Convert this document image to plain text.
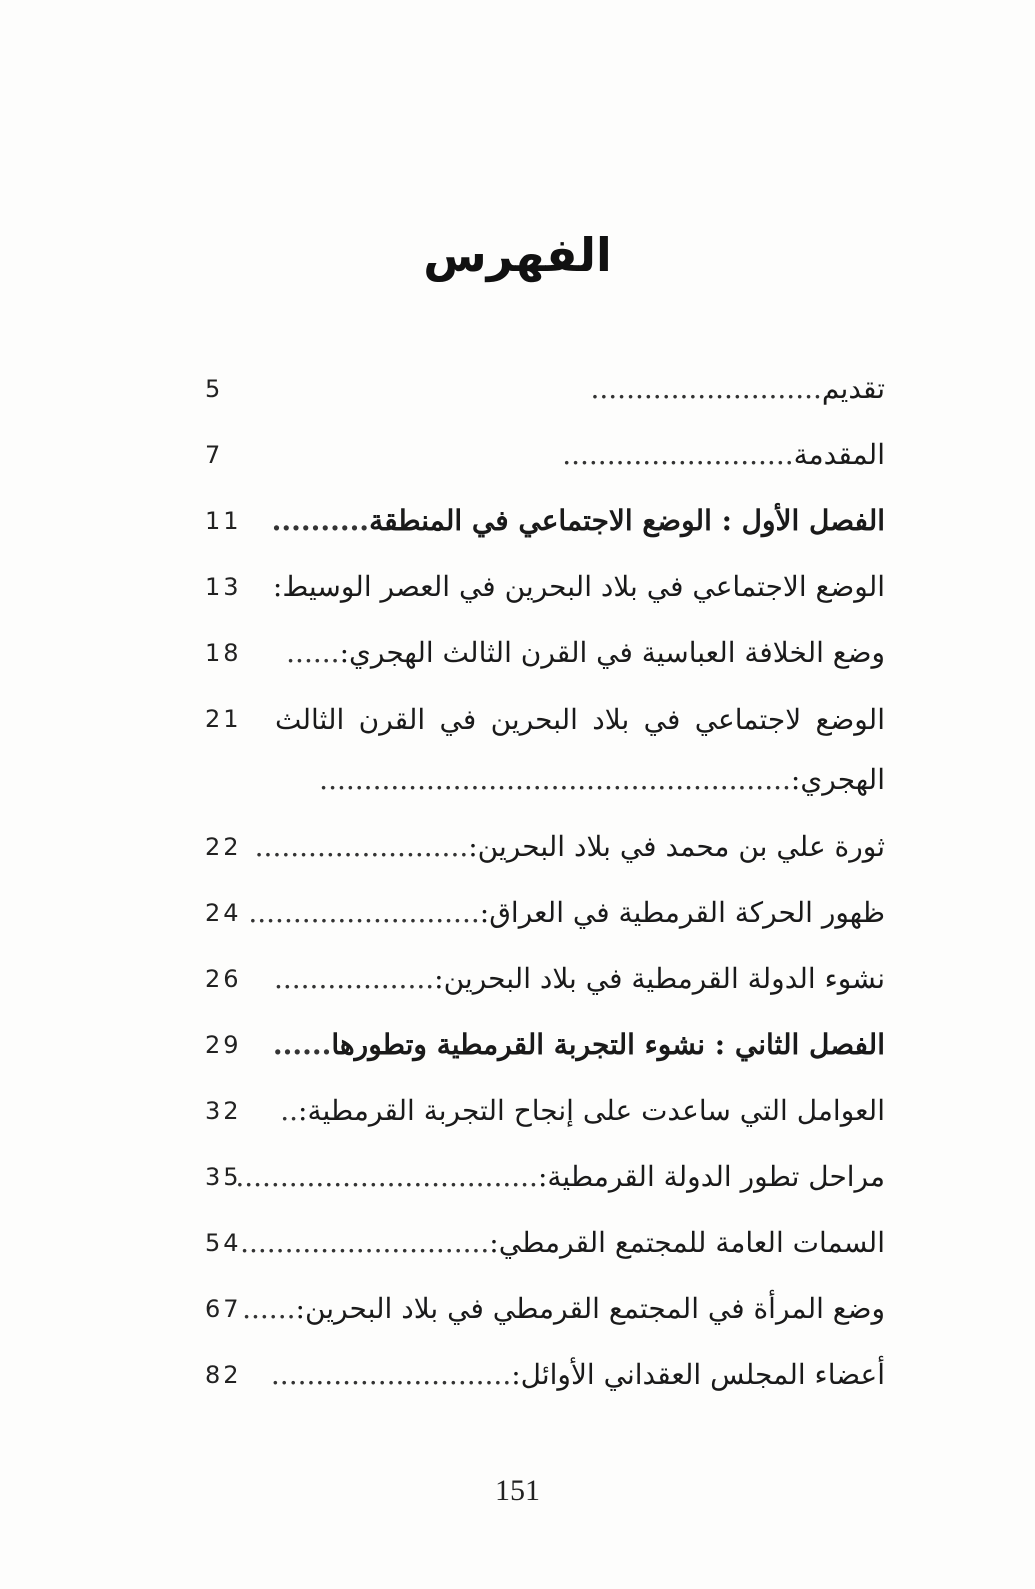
الفهرس
تقديم..........................
5
المقدمة..........................
7
الفصل الأول : الوضع الاجتماعي في المنطقة..........
11
الوضع الاجتماعي في بلاد البحرين في العصر الوسيط:
13
وضع الخلافة العباسية في القرن الثالث الهجري:......
18
الوضع لاجتماعي في بلاد البحرين في القرن الثالث الهجري:.....................................................
21
ثورة علي بن محمد في بلاد البحرين:........................
22
ظهور الحركة القرمطية في العراق:..........................
24
نشوء الدولة القرمطية في بلاد البحرين:..................
26
الفصل الثاني : نشوء التجربة القرمطية وتطورها......
29
العوامل التي ساعدت على إنجاح التجربة القرمطية:..
32
مراحل تطور الدولة القرمطية:..................................
35
السمات العامة للمجتمع القرمطي:............................
54
وضع المرأة في المجتمع القرمطي في بلاد البحرين:......
67
أعضاء المجلس العقداني الأوائل:...........................
82
151
